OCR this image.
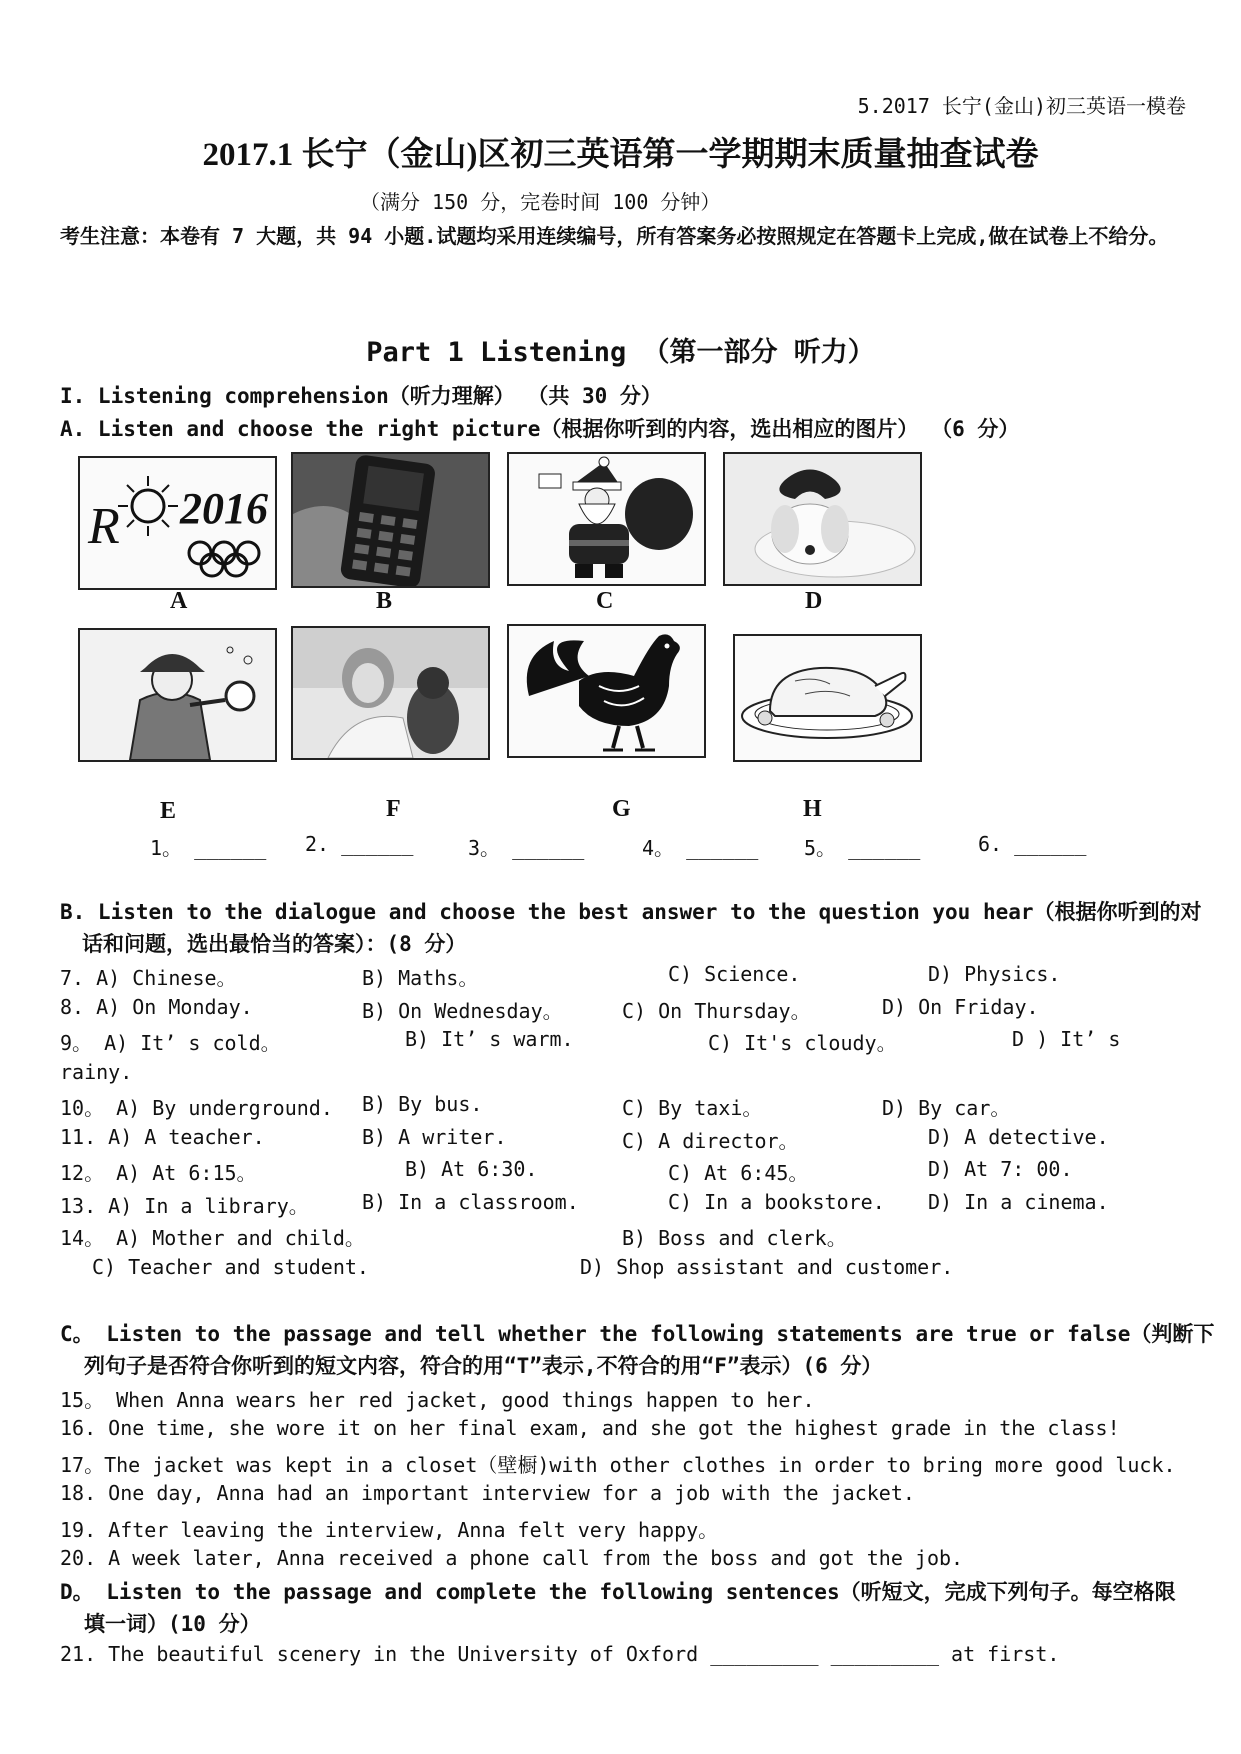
5.2017 长宁(金山)初三英语一模卷
2017.1 长宁（金山)区初三英语第一学期期末质量抽查试卷
（满分 150 分，完卷时间 100 分钟）
考生注意：本卷有 7 大题，共 94 小题.试题均采用连续编号，所有答案务必按照规定在答题卡上完成,做在试卷上不给分。
Part 1 Listening （第一部分 听力）
I. Listening comprehension（听力理解） （共 30 分）
A. Listen and choose the right picture（根据你听到的内容，选出相应的图片） （6 分）
R 2016
A	B	C	D
E	F	G	H
1。 ______ 2. ______	3。 ______	4。 ______ 5。 ______	6. ______
B. Listen to the dialogue and choose the best answer to the question you hear（根据你听到的对
话和问题，选出最恰当的答案）：(8 分）
7. A) Chinese。	B) Maths。	C) Science.	D) Physics.
8. A) On Monday.	B) On Wednesday。	C) On Thursday。	D) On Friday.
9。 A) It’ s cold。	B) It’ s warm.	C) It's cloudy。	D ) It’ s
rainy.
10。 A) By underground. B) By bus.	C) By taxi。	D) By car。
11. A) A teacher.	B) A writer.	C) A director。	D) A detective.
12。 A) At 6:15。	B) At 6:30.	C) At 6:45。	D) At 7: 00.
13. A) In a library。	B) In a classroom.	C) In a bookstore. D) In a cinema.
14。 A) Mother and child。	B) Boss and clerk。
C) Teacher and student.	D) Shop assistant and customer.
C。 Listen to the passage and tell whether the following statements are true or false（判断下
列句子是否符合你听到的短文内容，符合的用“T”表示,不符合的用“F”表示）(6 分）
15。 When Anna wears her red jacket, good things happen to her.
16. One time, she wore it on her final exam, and she got the highest grade in the class!
17。The jacket was kept in a closet（壁橱)with other clothes in order to bring more good luck.
18. One day, Anna had an important interview for a job with the jacket.
19. After leaving the interview, Anna felt very happy。
20. A week later, Anna received a phone call from the boss and got the job.
D。 Listen to the passage and complete the following sentences（听短文，完成下列句子。每空格限
填一词）(10 分）
21. The beautiful scenery in the University of Oxford _________ _________ at first.
